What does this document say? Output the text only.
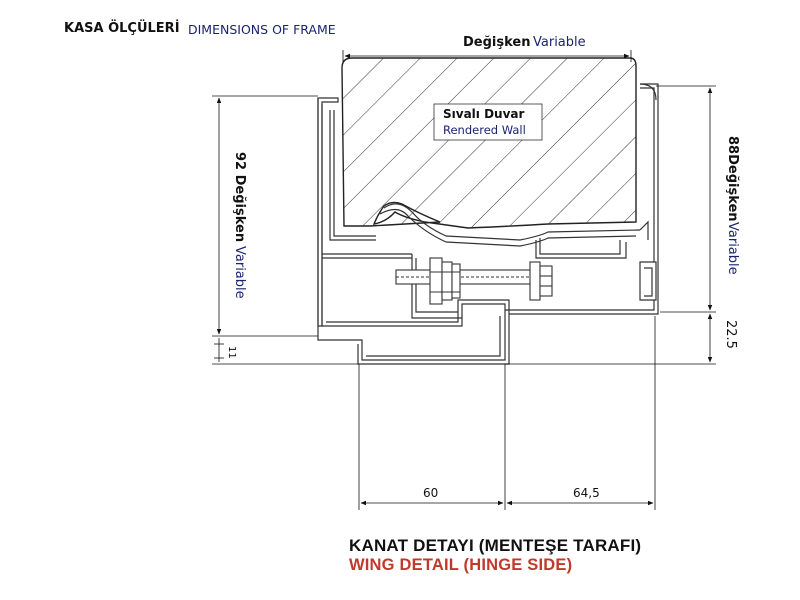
KASA ÖLÇÜLERİ DIMENSIONS OF FRAME
Sıvalı Duvar
Rendered Wall
Değişken Variable
92 Değişken
Variable
11
88Değişken
Variable
22.5
60	64,5
KANAT DETAYI (MENTEŞE TARAFI)
WING DETAIL (HINGE SIDE)
